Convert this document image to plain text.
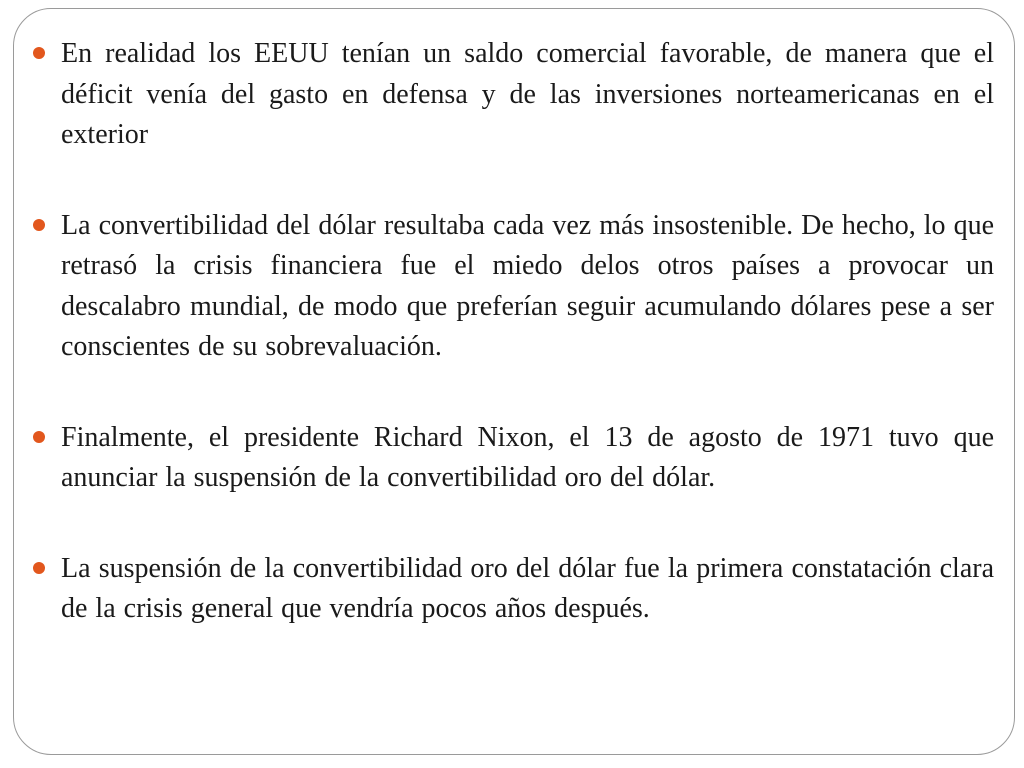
En realidad los EEUU tenían un saldo comercial favorable, de manera que el déficit venía del gasto en defensa y de las inversiones norteamericanas en el exterior
La convertibilidad del dólar resultaba cada vez más insostenible. De hecho, lo que retrasó la crisis financiera fue el miedo delos otros países a provocar un descalabro mundial, de modo que preferían seguir acumulando dólares pese a ser conscientes de su sobrevaluación.
Finalmente, el presidente Richard Nixon, el 13 de agosto de 1971 tuvo que anunciar la suspensión de la convertibilidad oro del dólar.
La suspensión de la convertibilidad oro del dólar fue la primera constatación clara de la crisis general que vendría pocos años después.
